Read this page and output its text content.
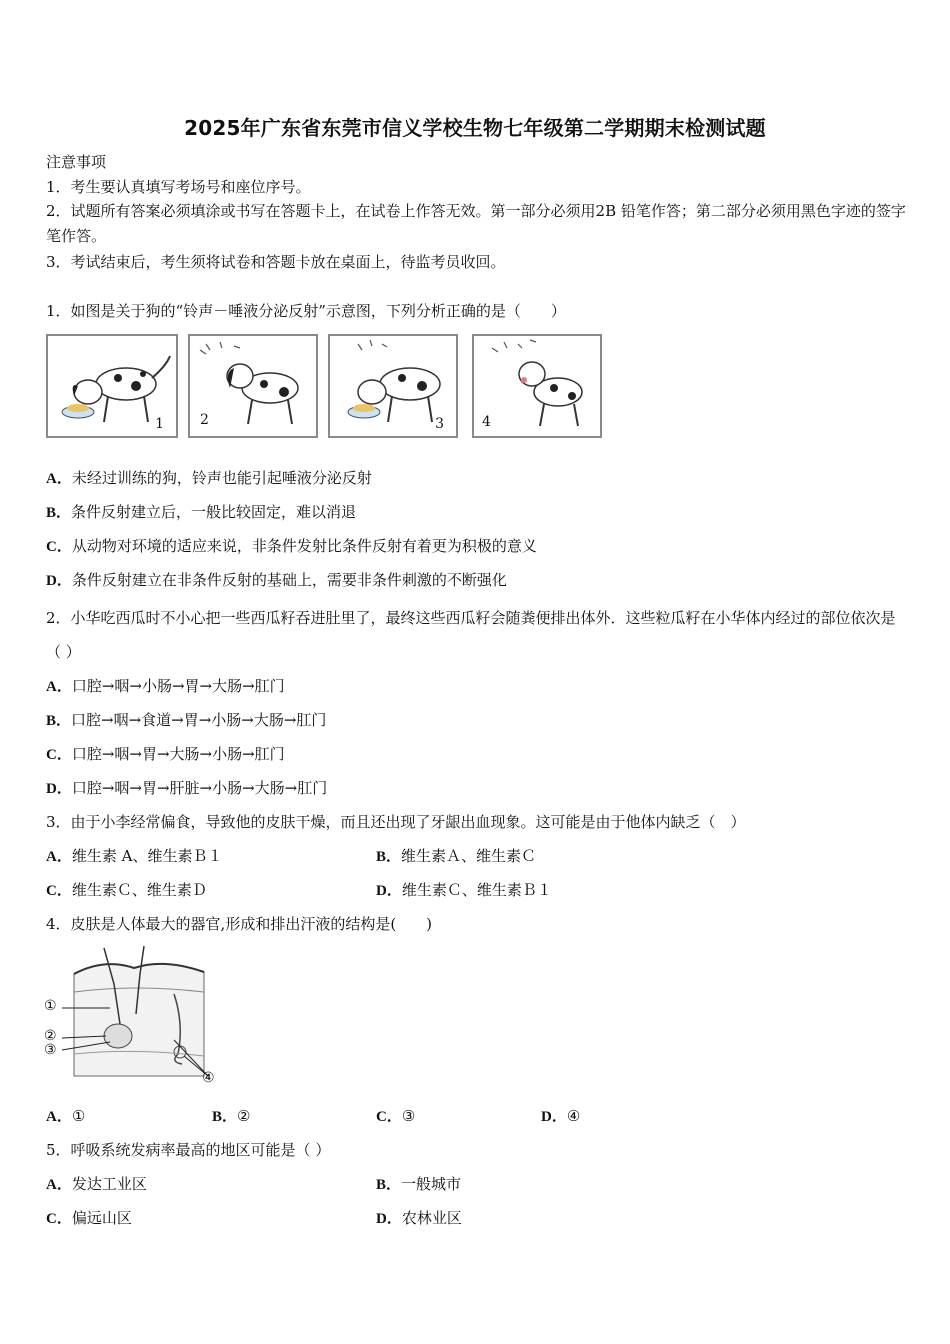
2025年广东省东莞市信义学校生物七年级第二学期期末检测试题
注意事项
1．考生要认真填写考场号和座位序号。
2．试题所有答案必须填涂或书写在答题卡上，在试卷上作答无效。第一部分必须用2B 铅笔作答；第二部分必须用黑色字迹的签字笔作答。
3．考试结束后，考生须将试卷和答题卡放在桌面上，待监考员收回。
1．如图是关于狗的“铃声－唾液分泌反射”示意图，下列分析正确的是（　　）
1	2	3	4
A．未经过训练的狗，铃声也能引起唾液分泌反射
B．条件反射建立后，一般比较固定，难以消退
C．从动物对环境的适应来说，非条件发射比条件反射有着更为积极的意义
D．条件反射建立在非条件反射的基础上，需要非条件刺激的不断强化
2．小华吃西瓜时不小心把一些西瓜籽吞进肚里了，最终这些西瓜籽会随粪便排出体外．这些粒瓜籽在小华体内经过的部位依次是（ ）
A．口腔→咽→小肠→胃→大肠→肛门
B．口腔→咽→食道→胃→小肠→大肠→肛门
C．口腔→咽→胃→大肠→小肠→肛门
D．口腔→咽→胃→肝脏→小肠→大肠→肛门
3．由于小李经常偏食，导致他的皮肤干燥，而且还出现了牙龈出血现象。这可能是由于他体内缺乏（　）
A．维生素 A、维生素Ｂ１	B．维生素Ａ、维生素Ｃ
C．维生素Ｃ、维生素Ｄ	D．维生素Ｃ、维生素Ｂ１
4．皮肤是人体最大的器官,形成和排出汗液的结构是(　　)
①
②
③
④
A．①	B．②	C．③	D．④
5．呼吸系统发病率最高的地区可能是（ ）
A．发达工业区	B．一般城市
C．偏远山区	D．农林业区
